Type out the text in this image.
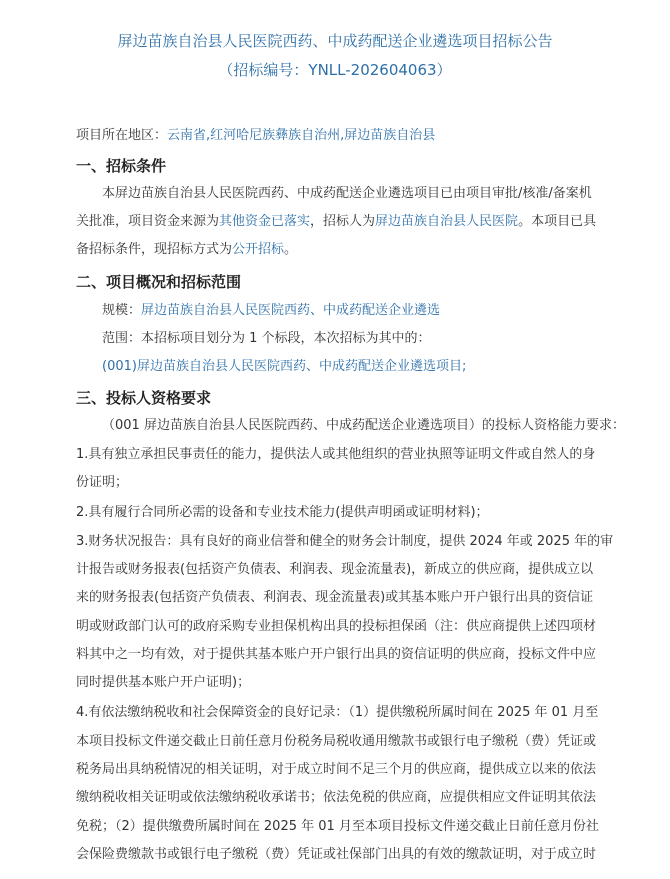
屏边苗族自治县人民医院西药、中成药配送企业遴选项目招标公告
（招标编号：YNLL-202604063）
项目所在地区：云南省,红河哈尼族彝族自治州,屏边苗族自治县
一、招标条件
本屏边苗族自治县人民医院西药、中成药配送企业遴选项目已由项目审批/核准/备案机
关批准，项目资金来源为其他资金已落实，招标人为屏边苗族自治县人民医院。本项目已具
备招标条件，现招标方式为公开招标。
二、项目概况和招标范围
规模：屏边苗族自治县人民医院西药、中成药配送企业遴选
范围：本招标项目划分为 1 个标段，本次招标为其中的：
(001)屏边苗族自治县人民医院西药、中成药配送企业遴选项目;
三、投标人资格要求
（001 屏边苗族自治县人民医院西药、中成药配送企业遴选项目）的投标人资格能力要求：
1.具有独立承担民事责任的能力，提供法人或其他组织的营业执照等证明文件或自然人的身
份证明；
2.具有履行合同所必需的设备和专业技术能力(提供声明函或证明材料)；
3.财务状况报告：具有良好的商业信誉和健全的财务会计制度，提供 2024 年或 2025 年的审
计报告或财务报表(包括资产负债表、利润表、现金流量表)，新成立的供应商，提供成立以
来的财务报表(包括资产负债表、利润表、现金流量表)或其基本账户开户银行出具的资信证
明或财政部门认可的政府采购专业担保机构出具的投标担保函（注：供应商提供上述四项材
料其中之一均有效，对于提供其基本账户开户银行出具的资信证明的供应商，投标文件中应
同时提供基本账户开户证明)；
4.有依法缴纳税收和社会保障资金的良好记录：（1）提供缴税所属时间在 2025 年 01 月至
本项目投标文件递交截止日前任意月份税务局税收通用缴款书或银行电子缴税（费）凭证或
税务局出具纳税情况的相关证明，对于成立时间不足三个月的供应商，提供成立以来的依法
缴纳税收相关证明或依法缴纳税收承诺书；依法免税的供应商，应提供相应文件证明其依法
免税；（2）提供缴费所属时间在 2025 年 01 月至本项目投标文件递交截止日前任意月份社
会保险费缴款书或银行电子缴税（费）凭证或社保部门出具的有效的缴款证明，对于成立时
